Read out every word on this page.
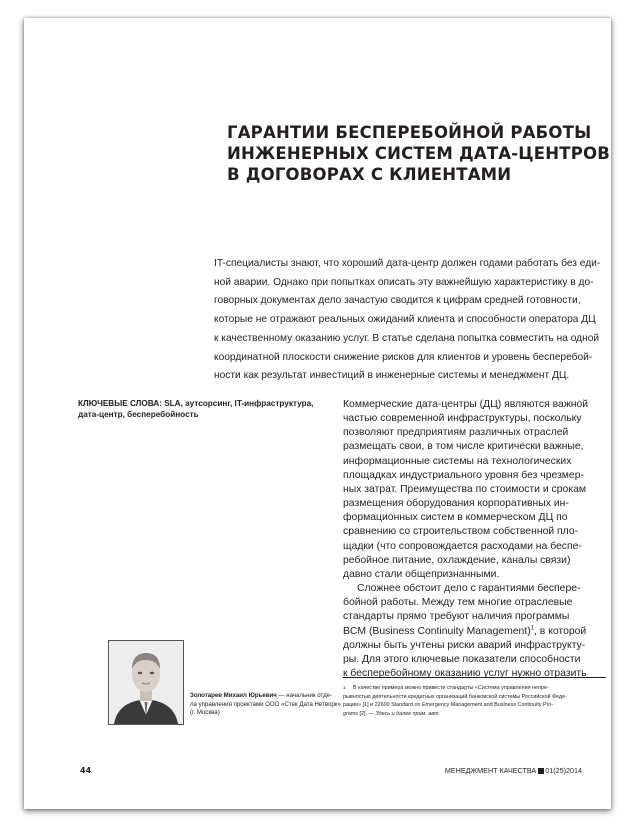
ГАРАНТИИ БЕСПЕРЕБОЙНОЙ РАБОТЫ
ИНЖЕНЕРНЫХ СИСТЕМ ДАТА-ЦЕНТРОВ
В ДОГОВОРАХ С КЛИЕНТАМИ
IT-специалисты знают, что хороший дата-центр должен годами работать без еди-
ной аварии. Однако при попытках описать эту важнейшую характеристику в до-
говорных документах дело зачастую сводится к цифрам средней готовности,
которые не отражают реальных ожиданий клиента и способности оператора ДЦ
к качественному оказанию услуг. В статье сделана попытка совместить на одной
координатной плоскости снижение рисков для клиентов и уровень бесперебой-
ности как результат инвестиций в инженерные системы и менеджмент ДЦ.
КЛЮЧЕВЫЕ СЛОВА: SLA, аутсорсинг, IT-инфраструктура,
дата-центр, бесперебойность
Коммерческие дата-центры (ДЦ) являются важной
частью современной инфраструктуры, поскольку
позволяют предприятиям различных отраслей
размещать свои, в том числе критически важные,
информационные системы на технологических
площадках индустриального уровня без чрезмер-
ных затрат. Преимущества по стоимости и срокам
размещения оборудования корпоративных ин-
формационных систем в коммерческом ДЦ по
сравнению со строительством собственной пло-
щадки (что сопровождается расходами на беспе-
ребойное питание, охлаждение, каналы связи)
давно стали общепризнанными.
Сложнее обстоит дело с гарантиями беспере-
бойной работы. Между тем многие отраслевые
стандарты прямо требуют наличия программы
BCM (Business Continuity Management)$^1$, в которой
должны быть учтены риски аварий инфраструкту-
ры. Для этого ключевые показатели способности
к бесперебойному оказанию услуг нужно отразить
Золотарев Михаил Юрьевич — начальник отде-
ла управления проектами ООО «Стек Дата Нетворк»
(г. Москва)
1 В качестве примера можно привести стандарты «Система управления непре-
рывностью деятельности кредитных организаций банковской системы Российской Феде-
рации» [1] и 22600 Standard on Emergency Management and Business Continuity Pro-
grams [2]. — Здесь и далее прим. авт.
44	МЕНЕДЖМЕНТ КАЧЕСТВА 01(25)2014
